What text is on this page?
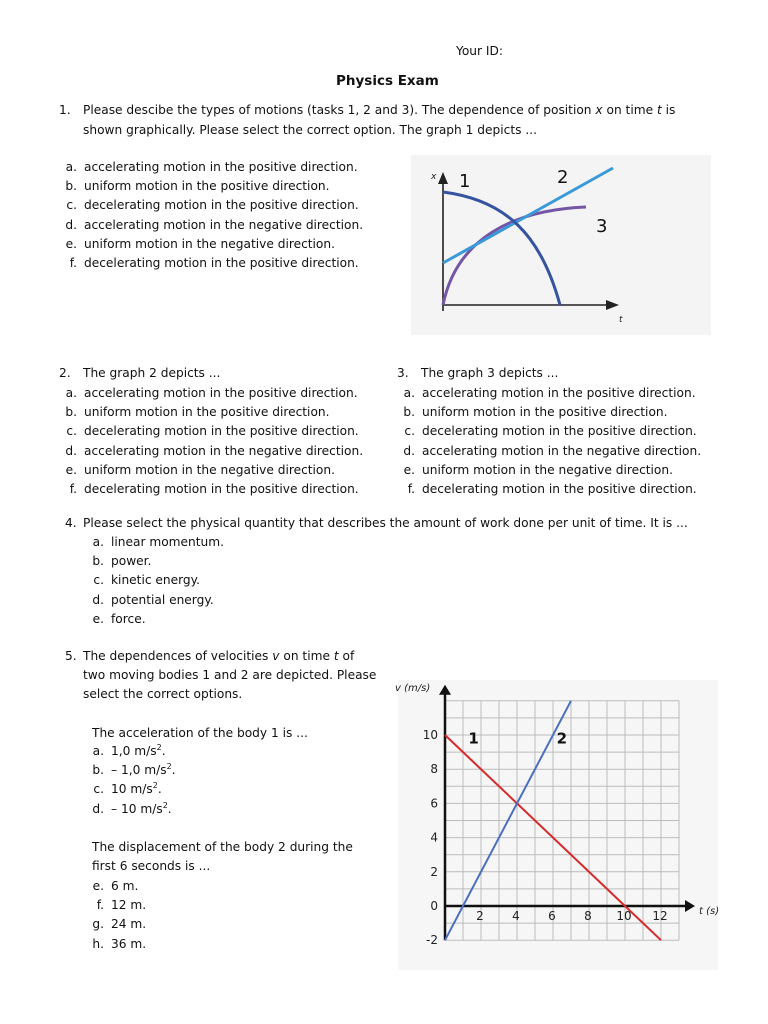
Your ID:
Physics Exam
1. Please descibe the types of motions (tasks 1, 2 and 3). The dependence of position x on time t is
shown graphically. Please select the correct option. The graph 1 depicts ...
a. accelerating motion in the positive direction.
b. uniform motion in the positive direction.
c. decelerating motion in the positive direction.
d. accelerating motion in the negative direction.
e. uniform motion in the negative direction.
f. decelerating motion in the positive direction.
x
t
1	2
3
2. The graph 2 depicts ...
a. accelerating motion in the positive direction.
b. uniform motion in the positive direction.
c. decelerating motion in the positive direction.
d. accelerating motion in the negative direction.
e. uniform motion in the negative direction.
f. decelerating motion in the positive direction.
3. The graph 3 depicts ...
a. accelerating motion in the positive direction.
b. uniform motion in the positive direction.
c. decelerating motion in the positive direction.
d. accelerating motion in the negative direction.
e. uniform motion in the negative direction.
f. decelerating motion in the positive direction.
4. Please select the physical quantity that describes the amount of work done per unit of time. It is ...
a. linear momentum.
b. power.
c. kinetic energy.
d. potential energy.
e. force.
5. The dependences of velocities v on time t of
two moving bodies 1 and 2 are depicted. Please
select the correct options.
The acceleration of the body 1 is ...
a. 1,0 $m/s^2$.
b. – 1,0 $m/s^2$.
c. 10 $m/s^2$.
d. – 10 $m/s^2$.
The displacement of the body 2 during the
first 6 seconds is ...
e. 6 m.
f. 12 m.
g. 24 m.
h. 36 m.	-2
0
2
4
6
8
10
2 4 6 8 10 12
v (m/s)
t (s)
1	2
